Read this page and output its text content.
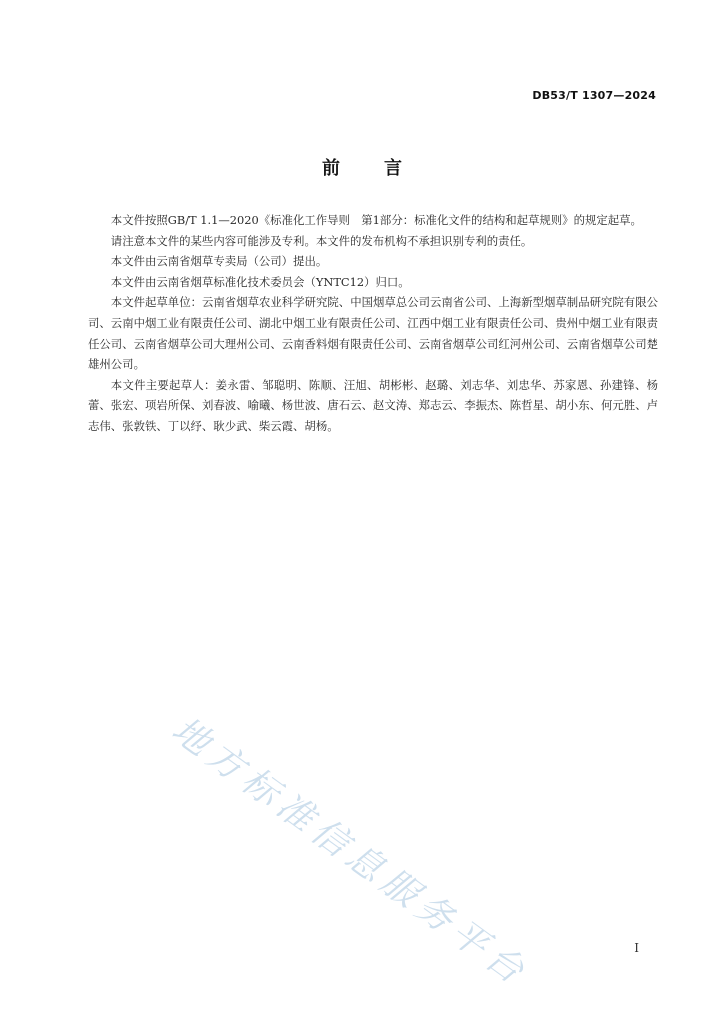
DB53/T 1307—2024
前 言

本文件按照GB/T 1.1—2020《标准化工作导则　第1部分：标准化文件的结构和起草规则》的规定起草。

请注意本文件的某些内容可能涉及专利。本文件的发布机构不承担识别专利的责任。

本文件由云南省烟草专卖局（公司）提出。

本文件由云南省烟草标准化技术委员会（YNTC12）归口。

本文件起草单位：云南省烟草农业科学研究院、中国烟草总公司云南省公司、上海新型烟草制品研究院有限公司、云南中烟工业有限责任公司、湖北中烟工业有限责任公司、江西中烟工业有限责任公司、贵州中烟工业有限责任公司、云南省烟草公司大理州公司、云南香料烟有限责任公司、云南省烟草公司红河州公司、云南省烟草公司楚雄州公司。

本文件主要起草人：姜永雷、邹聪明、陈顺、汪旭、胡彬彬、赵璐、刘志华、刘忠华、苏家恩、孙建锋、杨蕾、张宏、项岩所保、刘春波、喻曦、杨世波、唐石云、赵文涛、郑志云、李振杰、陈哲星、胡小东、何元胜、卢志伟、张敦铁、丁以纾、耿少武、柴云霞、胡杨。

地方标准信息服务平台	I
